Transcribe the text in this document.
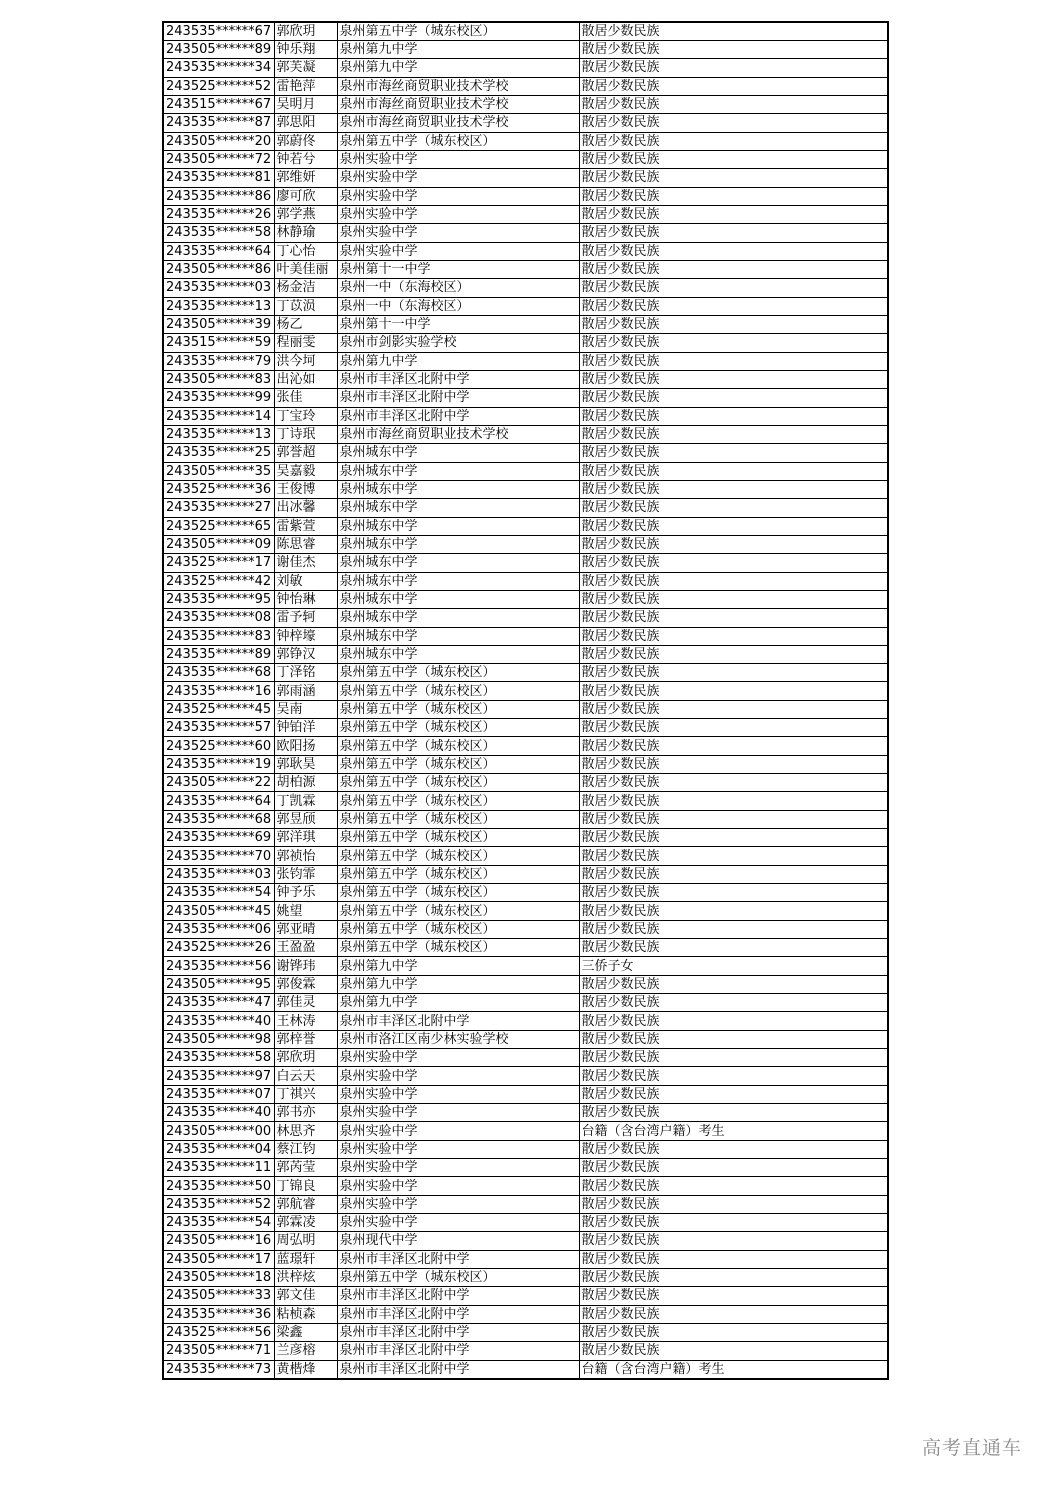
243535******67	郭欣玥	泉州第五中学（城东校区）	散居少数民族
243505******89	钟乐翔	泉州第九中学	散居少数民族
243535******34	郭芙凝	泉州第九中学	散居少数民族
243525******52	雷艳萍	泉州市海丝商贸职业技术学校	散居少数民族
243515******67	吴明月	泉州市海丝商贸职业技术学校	散居少数民族
243535******87	郭思阳	泉州市海丝商贸职业技术学校	散居少数民族
243505******20	郭蔚佟	泉州第五中学（城东校区）	散居少数民族
243505******72	钟若兮	泉州实验中学	散居少数民族
243535******81	郭维妍	泉州实验中学	散居少数民族
243535******86	廖可欣	泉州实验中学	散居少数民族
243535******26	郭学燕	泉州实验中学	散居少数民族
243535******58	林静瑜	泉州实验中学	散居少数民族
243535******64	丁心怡	泉州实验中学	散居少数民族
243505******86	叶美佳丽	泉州第十一中学	散居少数民族
243535******03	杨金洁	泉州一中（东海校区）	散居少数民族
243535******13	丁苡涢	泉州一中（东海校区）	散居少数民族
243505******39	杨乙	泉州第十一中学	散居少数民族
243515******59	程丽雯	泉州市剑影实验学校	散居少数民族
243535******79	洪今坷	泉州第九中学	散居少数民族
243505******83	出沁如	泉州市丰泽区北附中学	散居少数民族
243535******99	张佳	泉州市丰泽区北附中学	散居少数民族
243535******14	丁宝玲	泉州市丰泽区北附中学	散居少数民族
243535******13	丁诗珉	泉州市海丝商贸职业技术学校	散居少数民族
243535******25	郭誉超	泉州城东中学	散居少数民族
243505******35	吴嘉毅	泉州城东中学	散居少数民族
243525******36	王俊博	泉州城东中学	散居少数民族
243535******27	出冰馨	泉州城东中学	散居少数民族
243525******65	雷紫萱	泉州城东中学	散居少数民族
243505******09	陈思睿	泉州城东中学	散居少数民族
243525******17	谢佳杰	泉州城东中学	散居少数民族
243525******42	刘敏	泉州城东中学	散居少数民族
243535******95	钟怡琳	泉州城东中学	散居少数民族
243535******08	雷予轲	泉州城东中学	散居少数民族
243535******83	钟梓壕	泉州城东中学	散居少数民族
243535******89	郭铮汉	泉州城东中学	散居少数民族
243535******68	丁泽铭	泉州第五中学（城东校区）	散居少数民族
243535******16	郭雨涵	泉州第五中学（城东校区）	散居少数民族
243525******45	吴南	泉州第五中学（城东校区）	散居少数民族
243535******57	钟铂洋	泉州第五中学（城东校区）	散居少数民族
243525******60	欧阳扬	泉州第五中学（城东校区）	散居少数民族
243535******19	郭耿昊	泉州第五中学（城东校区）	散居少数民族
243505******22	胡柏源	泉州第五中学（城东校区）	散居少数民族
243535******64	丁凯霖	泉州第五中学（城东校区）	散居少数民族
243535******68	郭昱颀	泉州第五中学（城东校区）	散居少数民族
243535******69	郭洋琪	泉州第五中学（城东校区）	散居少数民族
243535******70	郭祯怡	泉州第五中学（城东校区）	散居少数民族
243535******03	张钧霏	泉州第五中学（城东校区）	散居少数民族
243535******54	钟予乐	泉州第五中学（城东校区）	散居少数民族
243505******45	姚望	泉州第五中学（城东校区）	散居少数民族
243535******06	郭亚晴	泉州第五中学（城东校区）	散居少数民族
243525******26	王盈盈	泉州第五中学（城东校区）	散居少数民族
243535******56	谢铧玮	泉州第九中学	三侨子女
243505******95	郭俊霖	泉州第九中学	散居少数民族
243535******47	郭佳灵	泉州第九中学	散居少数民族
243535******40	王林涛	泉州市丰泽区北附中学	散居少数民族
243505******98	郭梓誉	泉州市洛江区南少林实验学校	散居少数民族
243535******58	郭欣玥	泉州实验中学	散居少数民族
243535******97	白云天	泉州实验中学	散居少数民族
243535******07	丁祺兴	泉州实验中学	散居少数民族
243535******40	郭书亦	泉州实验中学	散居少数民族
243505******00	林思齐	泉州实验中学	台籍（含台湾户籍）考生
243535******04	蔡江钧	泉州实验中学	散居少数民族
243535******11	郭芮莹	泉州实验中学	散居少数民族
243535******50	丁锦良	泉州实验中学	散居少数民族
243535******52	郭航睿	泉州实验中学	散居少数民族
243535******54	郭霖凌	泉州实验中学	散居少数民族
243505******16	周弘明	泉州现代中学	散居少数民族
243505******17	蓝璟轩	泉州市丰泽区北附中学	散居少数民族
243505******18	洪梓炫	泉州第五中学（城东校区）	散居少数民族
243505******33	郭文佳	泉州市丰泽区北附中学	散居少数民族
243535******36	粘桢森	泉州市丰泽区北附中学	散居少数民族
243525******56	梁鑫	泉州市丰泽区北附中学	散居少数民族
243505******71	兰彦榕	泉州市丰泽区北附中学	散居少数民族
243535******73	黄楷烽	泉州市丰泽区北附中学	台籍（含台湾户籍）考生
高考直通车
